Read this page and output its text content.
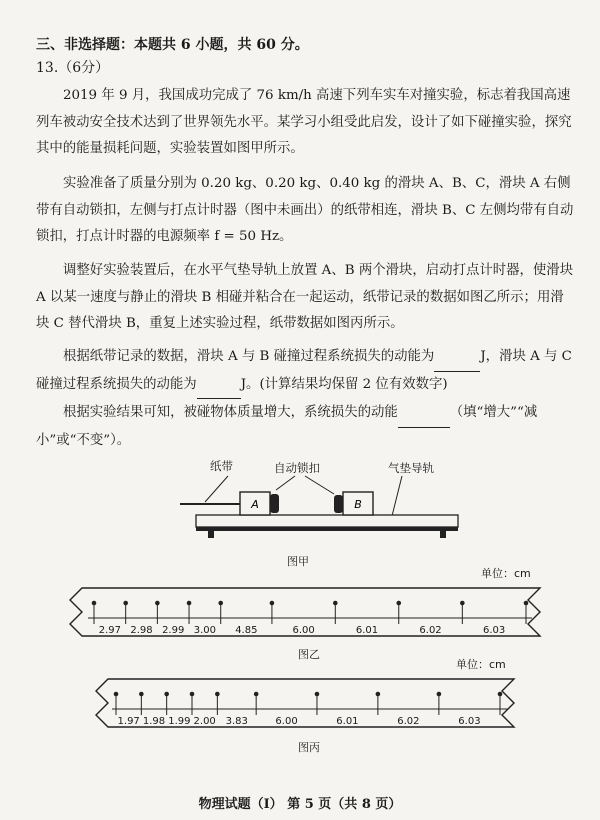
三、非选择题：本题共 6 小题，共 60 分。
13.（6分）
2019 年 9 月，我国成功完成了 76 km/h 高速下列车实车对撞实验，标志着我国高速列车被动安全技术达到了世界领先水平。某学习小组受此启发，设计了如下碰撞实验，探究其中的能量损耗问题，实验装置如图甲所示。
实验准备了质量分别为 0.20 kg、0.20 kg、0.40 kg 的滑块 A、B、C，滑块 A 右侧带有自动锁扣，左侧与打点计时器（图中未画出）的纸带相连，滑块 B、C 左侧均带有自动锁扣，打点计时器的电源频率 f = 50 Hz。
调整好实验装置后，在水平气垫导轨上放置 A、B 两个滑块，启动打点计时器，使滑块 A 以某一速度与静止的滑块 B 相碰并粘合在一起运动，纸带记录的数据如图乙所示；用滑块 C 替代滑块 B，重复上述实验过程，纸带数据如图丙所示。
根据纸带记录的数据，滑块 A 与 B 碰撞过程系统损失的动能为	J，滑块 A 与 C 碰撞过程系统损失的动能为	J。(计算结果均保留 2 位有效数字)
根据实验结果可知，被碰物体质量增大，系统损失的动能	（填“增大”“减小”或“不变”）。
纸带	自动锁扣	气垫导轨
A	B
图甲
单位：cm
2.97 2.98 2.99 3.00 4.85	6.00	6.01	6.02	6.03
图乙
单位：cm
1.97 1.98 1.99 2.00 3.83	6.00	6.01	6.02	6.03
图丙
物理试题（Ⅰ） 第 5 页（共 8 页）
